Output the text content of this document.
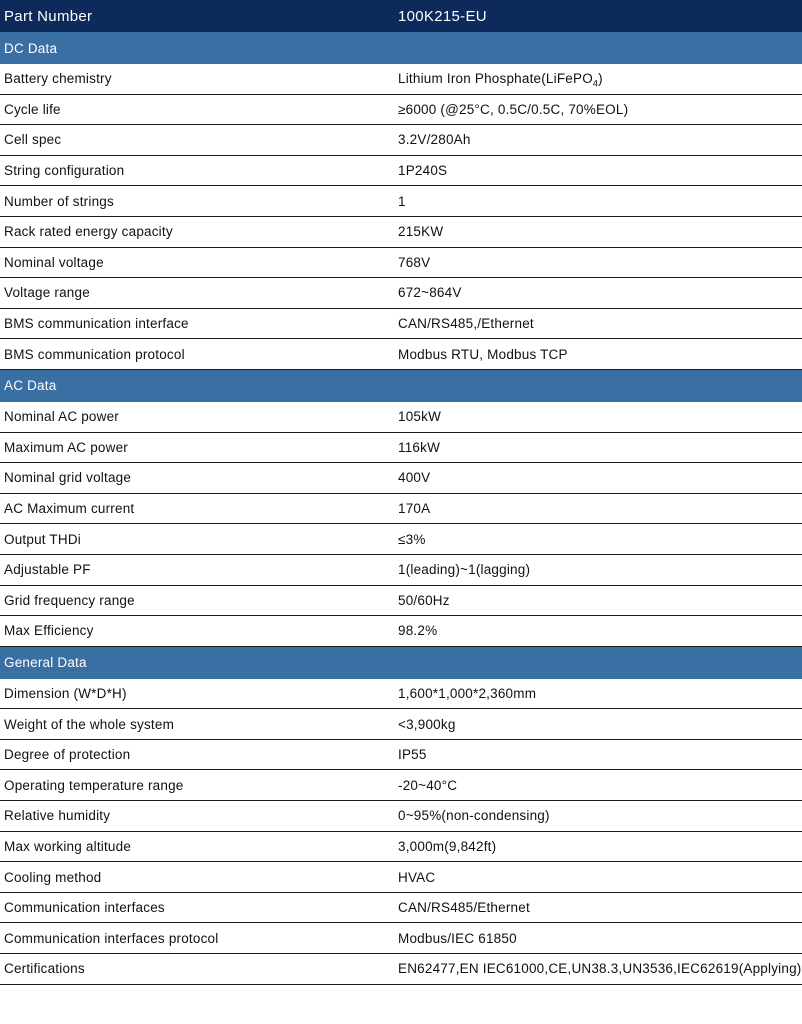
Part Number	100K215-EU
DC Data
Battery chemistry	Lithium Iron Phosphate(LiFePO$_4$)
Cycle life	≥6000 (@25°C, 0.5C/0.5C, 70%EOL)
Cell spec	3.2V/280Ah
String configuration	1P240S
Number of strings	1
Rack rated energy capacity	215KW
Nominal voltage	768V
Voltage range	672~864V
BMS communication interface	CAN/RS485,/Ethernet
BMS communication protocol	Modbus RTU, Modbus TCP
AC Data
Nominal AC power	105kW
Maximum AC power	116kW
Nominal grid voltage	400V
AC Maximum current	170A
Output THDi	≤3%
Adjustable PF	1(leading)~1(lagging)
Grid frequency range	50/60Hz
Max Efficiency	98.2%
General Data
Dimension (W*D*H)	1,600*1,000*2,360mm
Weight of the whole system	<3,900kg
Degree of protection	IP55
Operating temperature range	-20~40°C
Relative humidity	0~95%(non-condensing)
Max working altitude	3,000m(9,842ft)
Cooling method	HVAC
Communication interfaces	CAN/RS485/Ethernet
Communication interfaces protocol	Modbus/IEC 61850
Certifications	EN62477,EN IEC61000,CE,UN38.3,UN3536,IEC62619(Applying)
